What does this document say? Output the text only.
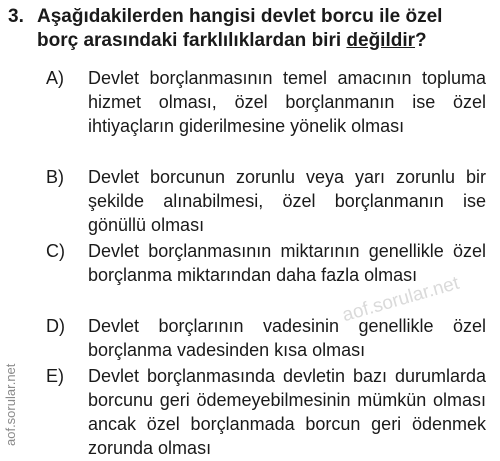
3. Aşağıdakilerden hangisi devlet borcu ile özel borç arasındaki farklılıklardan biri değildir?
A) Devlet borçlanmasının temel amacının topluma hizmet olması, özel borçlanmanın ise özel ihtiyaçların giderilmesine yönelik olması
B) Devlet borcunun zorunlu veya yarı zorunlu bir şekilde alınabilmesi, özel borçlanmanın ise gönüllü olması
C) Devlet borçlanmasının miktarının genellikle özel borçlanma miktarından daha fazla olması
D) Devlet borçlarının vadesinin genellikle özel borçlanma vadesinden kısa olması
E) Devlet borçlanmasında devletin bazı durumlarda borcunu geri ödemeyebilmesinin mümkün olması ancak özel borçlanmada borcun geri ödenmek zorunda olması
aof.sorular.net
aof.sorular.net
